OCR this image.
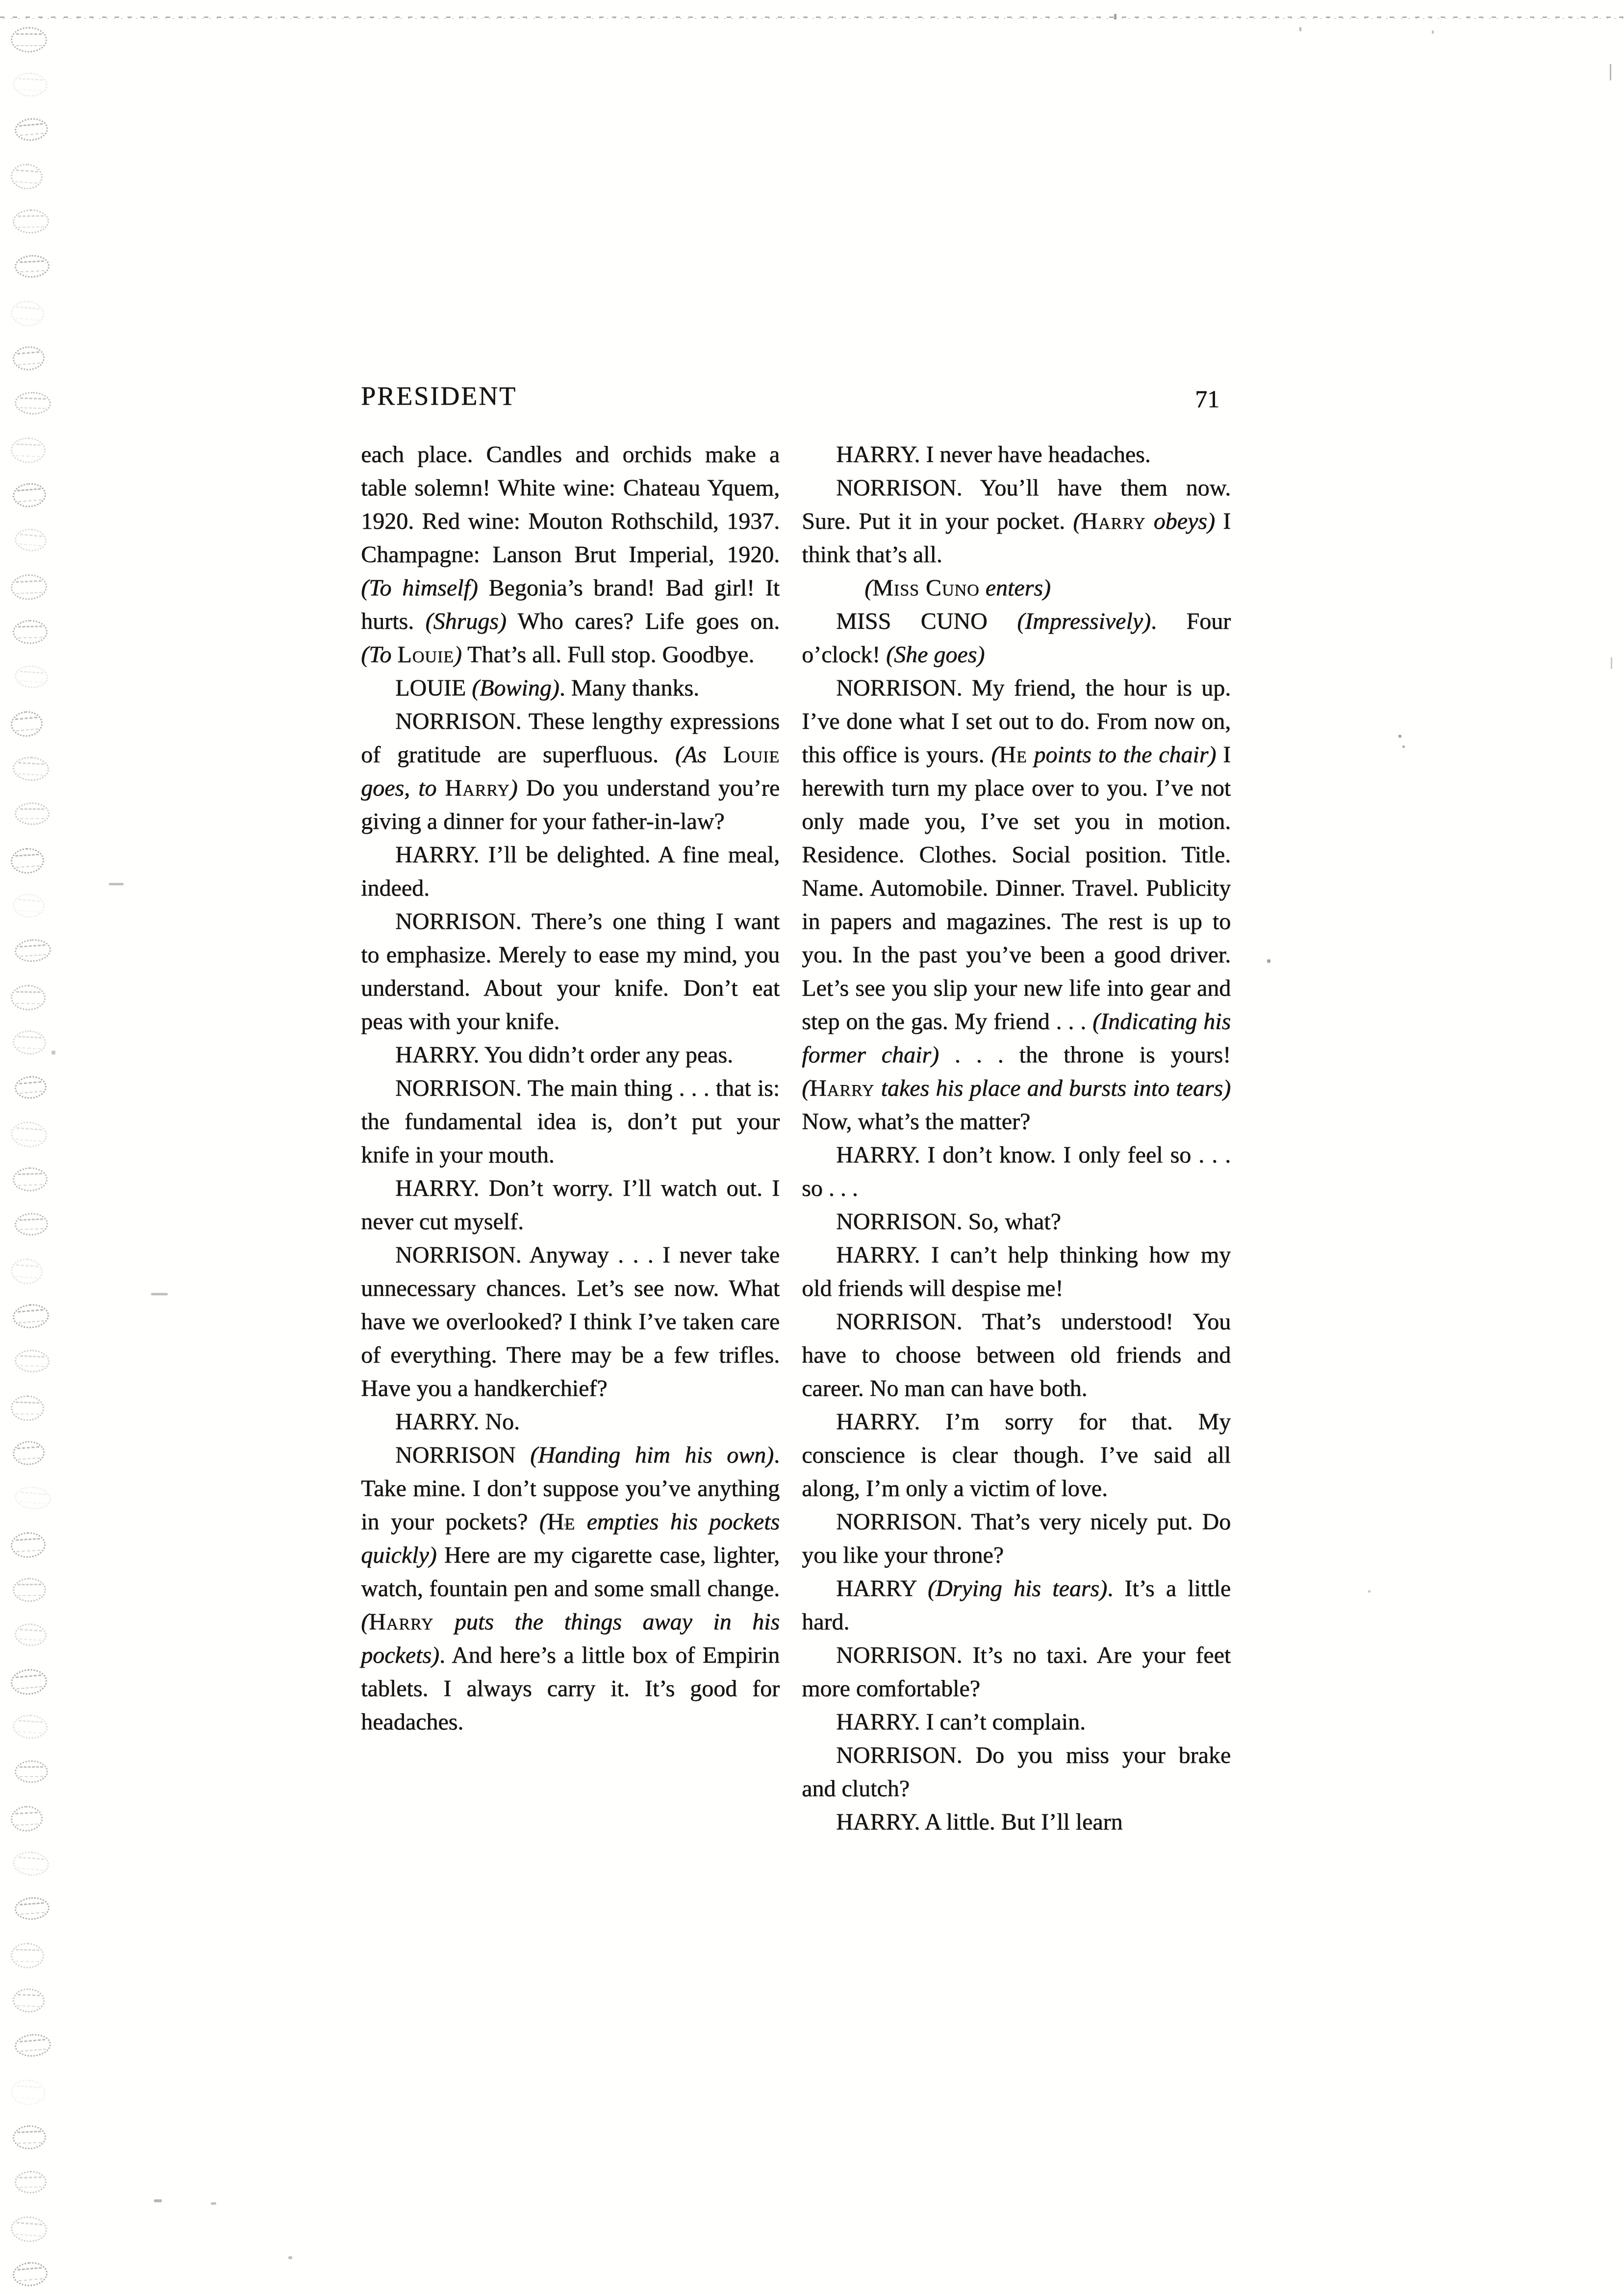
PRESIDENT	71

each place. Candles and orchids make a table solemn! White wine: Chateau Yquem, 1920. Red wine: Mouton Rothschild, 1937. Champagne: Lanson Brut Imperial, 1920. (To himself) Begonia’s brand! Bad girl! It hurts. (Shrugs) Who cares? Life goes on. (To Louie) That’s all. Full stop. Goodbye.

LOUIE (Bowing). Many thanks.

NORRISON. These lengthy expressions of gratitude are superfluous. (As Louie goes, to Harry) Do you understand you’re giving a dinner for your father-in-law?

HARRY. I’ll be delighted. A fine meal, indeed.

NORRISON. There’s one thing I want to emphasize. Merely to ease my mind, you understand. About your knife. Don’t eat peas with your knife.

HARRY. You didn’t order any peas.

NORRISON. The main thing . . . that is: the fundamental idea is, don’t put your knife in your mouth.

HARRY. Don’t worry. I’ll watch out. I never cut myself.

NORRISON. Anyway . . . I never take unnecessary chances. Let’s see now. What have we overlooked? I think I’ve taken care of everything. There may be a few trifles. Have you a handkerchief?

HARRY. No.

NORRISON (Handing him his own). Take mine. I don’t suppose you’ve anything in your pockets? (He empties his pockets quickly) Here are my cigarette case, lighter, watch, fountain pen and some small change. (Harry puts the things away in his pockets). And here’s a little box of Empirin tablets. I always carry it. It’s good for headaches.

HARRY. I never have headaches.

NORRISON. You’ll have them now. Sure. Put it in your pocket. (Harry obeys) I think that’s all.

(Miss Cuno enters)

MISS CUNO (Impressively). Four o’clock! (She goes)

NORRISON. My friend, the hour is up. I’ve done what I set out to do. From now on, this office is yours. (He points to the chair) I herewith turn my place over to you. I’ve not only made you, I’ve set you in motion. Residence. Clothes. Social position. Title. Name. Automobile. Dinner. Travel. Publicity in papers and magazines. The rest is up to you. In the past you’ve been a good driver. Let’s see you slip your new life into gear and step on the gas. My friend . . . (Indicating his former chair) . . . the throne is yours! (Harry takes his place and bursts into tears) Now, what’s the matter?

HARRY. I don’t know. I only feel so . . . so . . .

NORRISON. So, what?

HARRY. I can’t help thinking how my old friends will despise me!

NORRISON. That’s understood! You have to choose between old friends and career. No man can have both.

HARRY. I’m sorry for that. My conscience is clear though. I’ve said all along, I’m only a victim of love.

NORRISON. That’s very nicely put. Do you like your throne?

HARRY (Drying his tears). It’s a little hard.

NORRISON. It’s no taxi. Are your feet more comfortable?

HARRY. I can’t complain.

NORRISON. Do you miss your brake and clutch?

HARRY. A little. But I’ll learn
